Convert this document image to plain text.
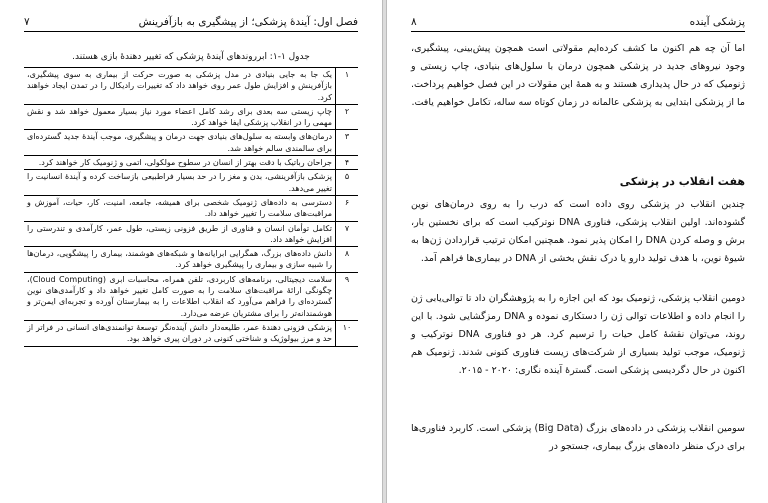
۷	فصل اول: آیندهٔ پزشکی؛ از پیشگیری به بازآفرینش
جدول ۱-۱: ابرروندهای آیندهٔ پزشکی که تغییر دهندهٔ بازی هستند.
۱	یک جا به جایی بنیادی در مدل پزشکی به صورت حرکت از بیماری به سوی پیشگیری، بازآفرینش و افزایش طول عمر روی خواهد داد که تغییرات رادیکال را در تمدن ایجاد خواهند کرد.
۲	چاپ زیستی سه بعدی برای رشد کامل اعضاء مورد نیاز بسیار معمول خواهد شد و نقش مهمی را در انقلاب پزشکی ایفا خواهد کرد.
۳	درمان‌های وابسته به سلول‌های بنیادی جهت درمان و پیشگیری، موجب آیندهٔ جدید گسترده‌ای برای سالمندی سالم خواهد شد.
۴	جراحان رباتیک با دقت بهتر از انسان در سطوح مولکولی، اتمی و ژنومیک کار خواهند کرد.
۵	پزشکی بازآفرینشی، بدن و مغز را در حد بسیار فراطبیعی بازساخت کرده و آیندهٔ انسانیت را تغییر می‌دهد.
۶	دسترسی به داده‌های ژنومیک شخصی برای همیشه، جامعه، امنیت، کار، حیات، آموزش و مراقبت‌های سلامت را تغییر خواهد داد.
۷	تکامل توأمان انسان و فناوری از طریق فزونی زیستی، طول عمر، کارآمدی و تندرستی را افزایش خواهد داد.
۸	دانش داده‌های بزرگ، همگرایی ابرایانه‌ها و شبکه‌های هوشمند، بیماری را پیشگویی، درمان‌ها را شبیه سازی و بیماری را پیشگیری خواهد کرد.
۹	سلامت دیجیتالی، برنامه‌های کاربردی، تلفن همراه، محاسبات ابری (Cloud Computing)، چگونگی ارائهٔ مراقبت‌های سلامت را به صورت کامل تغییر خواهد داد و کارآمدی‌های نوین گسترده‌ای را فراهم می‌آورد که انقلاب اطلاعات را به بیمارستان آورده و تجربه‌ای ایمن‌تر و هوشمندانه‌تر را برای مشتریان عرضه می‌دارد.
۱۰	پزشکی فزونی دهندهٔ عمر، طلیعه‌دار دانش آینده‌نگر توسعهٔ توانمندی‌های انسانی در فراتر از حد و مرز بیولوژیک و شناختی کنونی در دوران پیری خواهد بود.
۸	پزشکی آینده
اما آن چه هم اکنون ما کشف کرده‌ایم مقولاتی است همچون پیش‌بینی، پیشگیری، وجود نیروهای جدید در پزشکی همچون درمان با سلول‌های بنیادی، چاپ زیستی و ژنومیک که در حال پدیداری هستند و به همهٔ این مقولات در این فصل خواهیم پرداخت. ما از پزشکی ابتدایی به پزشکی عالمانه در زمان کوتاه سه ساله، تکامل خواهیم یافت.
هفت انقلاب در پزشکی
چندین انقلاب در پزشکی روی داده است که درب را به روی درمان‌های نوین گشوده‌اند. اولین انقلاب پزشکی، فناوری DNA نوترکیب است که برای نخستین بار، برش و وصله کردن DNA را امکان پذیر نمود. همچنین امکان ترتیب قراردادن ژن‌ها به شیوهٔ نوین، با هدف تولید دارو یا درک نقش بخشی از DNA در بیماری‌ها فراهم آمد.
دومین انقلاب پزشکی، ژنومیک بود که این اجازه را به پژوهشگران داد تا توالی‌یابی ژن را انجام داده و اطلاعات توالی ژن را دستکاری نموده و DNA رمزگشایی شود. با این روند، می‌توان نقشهٔ کامل حیات را ترسیم کرد. هر دو فناوری DNA نوترکیب و ژنومیک، موجب تولید بسیاری از شرکت‌های زیست فناوری کنونی شدند. ژنومیک هم اکنون در حال دگردیسی پزشکی است. گسترهٔ آینده نگاری: ۲۰۲۰ - ۲۰۱۵.
سومین انقلاب پزشکی در داده‌های بزرگ (Big Data) پزشکی است. کاربرد فناوری‌ها برای درک منظر داده‌های بزرگ بیماری، جستجو در
